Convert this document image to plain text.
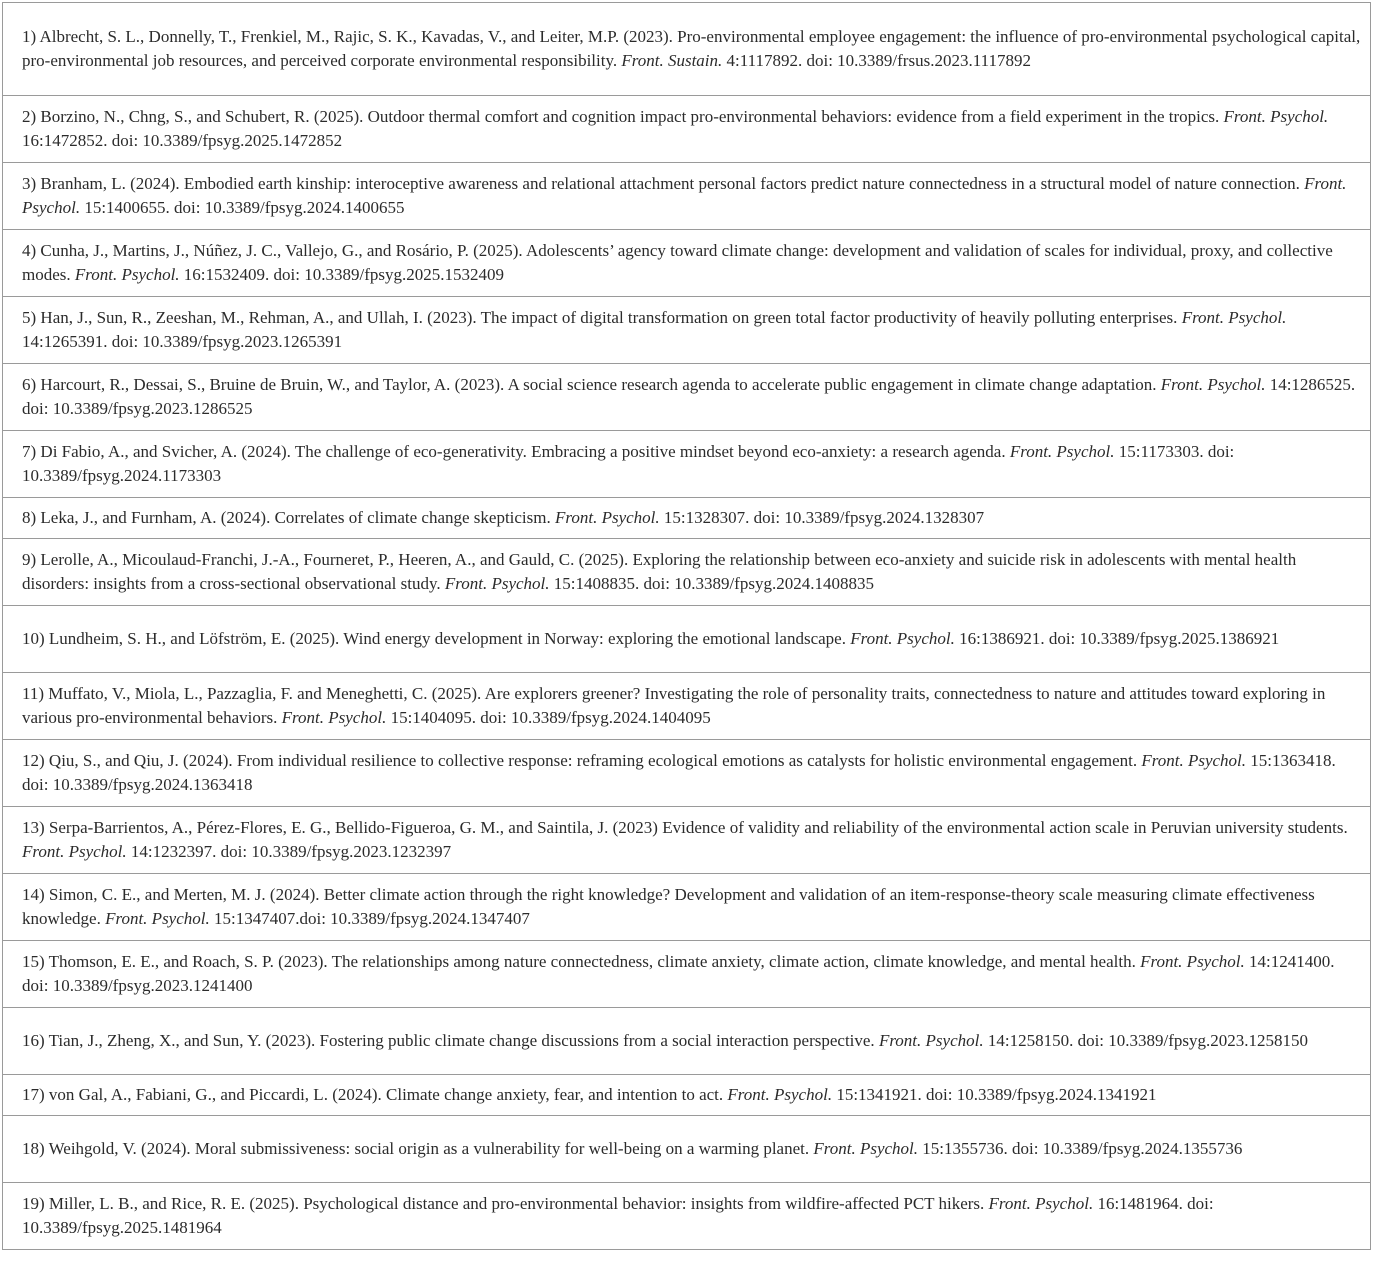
1) Albrecht, S. L., Donnelly, T., Frenkiel, M., Rajic, S. K., Kavadas, V., and Leiter, M.P. (2023). Pro-environmental employee engagement: the influence of pro-environmental psychological capital, pro-environmental job resources, and perceived corporate environmental responsibility. Front. Sustain. 4:1117892. doi: 10.3389/frsus.2023.1117892
2) Borzino, N., Chng, S., and Schubert, R. (2025). Outdoor thermal comfort and cognition impact pro-environmental behaviors: evidence from a field experiment in the tropics. Front. Psychol. 16:1472852. doi: 10.3389/fpsyg.2025.1472852
3) Branham, L. (2024). Embodied earth kinship: interoceptive awareness and relational attachment personal factors predict nature connectedness in a structural model of nature connection. Front. Psychol. 15:1400655. doi: 10.3389/fpsyg.2024.1400655
4) Cunha, J., Martins, J., Núñez, J. C., Vallejo, G., and Rosário, P. (2025). Adolescents’ agency toward climate change: development and validation of scales for individual, proxy, and collective modes. Front. Psychol. 16:1532409. doi: 10.3389/fpsyg.2025.1532409
5) Han, J., Sun, R., Zeeshan, M., Rehman, A., and Ullah, I. (2023). The impact of digital transformation on green total factor productivity of heavily polluting enterprises. Front. Psychol. 14:1265391. doi: 10.3389/fpsyg.2023.1265391
6) Harcourt, R., Dessai, S., Bruine de Bruin, W., and Taylor, A. (2023). A social science research agenda to accelerate public engagement in climate change adaptation. Front. Psychol. 14:1286525. doi: 10.3389/fpsyg.2023.1286525
7) Di Fabio, A., and Svicher, A. (2024). The challenge of eco-generativity. Embracing a positive mindset beyond eco-anxiety: a research agenda. Front. Psychol. 15:1173303. doi: 10.3389/fpsyg.2024.1173303
8) Leka, J., and Furnham, A. (2024). Correlates of climate change skepticism. Front. Psychol. 15:1328307. doi: 10.3389/fpsyg.2024.1328307
9) Lerolle, A., Micoulaud-Franchi, J.-A., Fourneret, P., Heeren, A., and Gauld, C. (2025). Exploring the relationship between eco-anxiety and suicide risk in adolescents with mental health disorders: insights from a cross-sectional observational study. Front. Psychol. 15:1408835. doi: 10.3389/fpsyg.2024.1408835
10) Lundheim, S. H., and Löfström, E. (2025). Wind energy development in Norway: exploring the emotional landscape. Front. Psychol. 16:1386921. doi: 10.3389/fpsyg.2025.1386921
11) Muffato, V., Miola, L., Pazzaglia, F. and Meneghetti, C. (2025). Are explorers greener? Investigating the role of personality traits, connectedness to nature and attitudes toward exploring in various pro-environmental behaviors. Front. Psychol. 15:1404095. doi: 10.3389/fpsyg.2024.1404095
12) Qiu, S., and Qiu, J. (2024). From individual resilience to collective response: reframing ecological emotions as catalysts for holistic environmental engagement. Front. Psychol. 15:1363418. doi: 10.3389/fpsyg.2024.1363418
13) Serpa-Barrientos, A., Pérez-Flores, E. G., Bellido-Figueroa, G. M., and Saintila, J. (2023) Evidence of validity and reliability of the environmental action scale in Peruvian university students. Front. Psychol. 14:1232397. doi: 10.3389/fpsyg.2023.1232397
14) Simon, C. E., and Merten, M. J. (2024). Better climate action through the right knowledge? Development and validation of an item-response-theory scale measuring climate effectiveness knowledge. Front. Psychol. 15:1347407.doi: 10.3389/fpsyg.2024.1347407
15) Thomson, E. E., and Roach, S. P. (2023). The relationships among nature connectedness, climate anxiety, climate action, climate knowledge, and mental health. Front. Psychol. 14:1241400. doi: 10.3389/fpsyg.2023.1241400
16) Tian, J., Zheng, X., and Sun, Y. (2023). Fostering public climate change discussions from a social interaction perspective. Front. Psychol. 14:1258150. doi: 10.3389/fpsyg.2023.1258150
17) von Gal, A., Fabiani, G., and Piccardi, L. (2024). Climate change anxiety, fear, and intention to act. Front. Psychol. 15:1341921. doi: 10.3389/fpsyg.2024.1341921
18) Weihgold, V. (2024). Moral submissiveness: social origin as a vulnerability for well-being on a warming planet. Front. Psychol. 15:1355736. doi: 10.3389/fpsyg.2024.1355736
19) Miller, L. B., and Rice, R. E. (2025). Psychological distance and pro-environmental behavior: insights from wildfire-affected PCT hikers. Front. Psychol. 16:1481964. doi: 10.3389/fpsyg.2025.1481964
